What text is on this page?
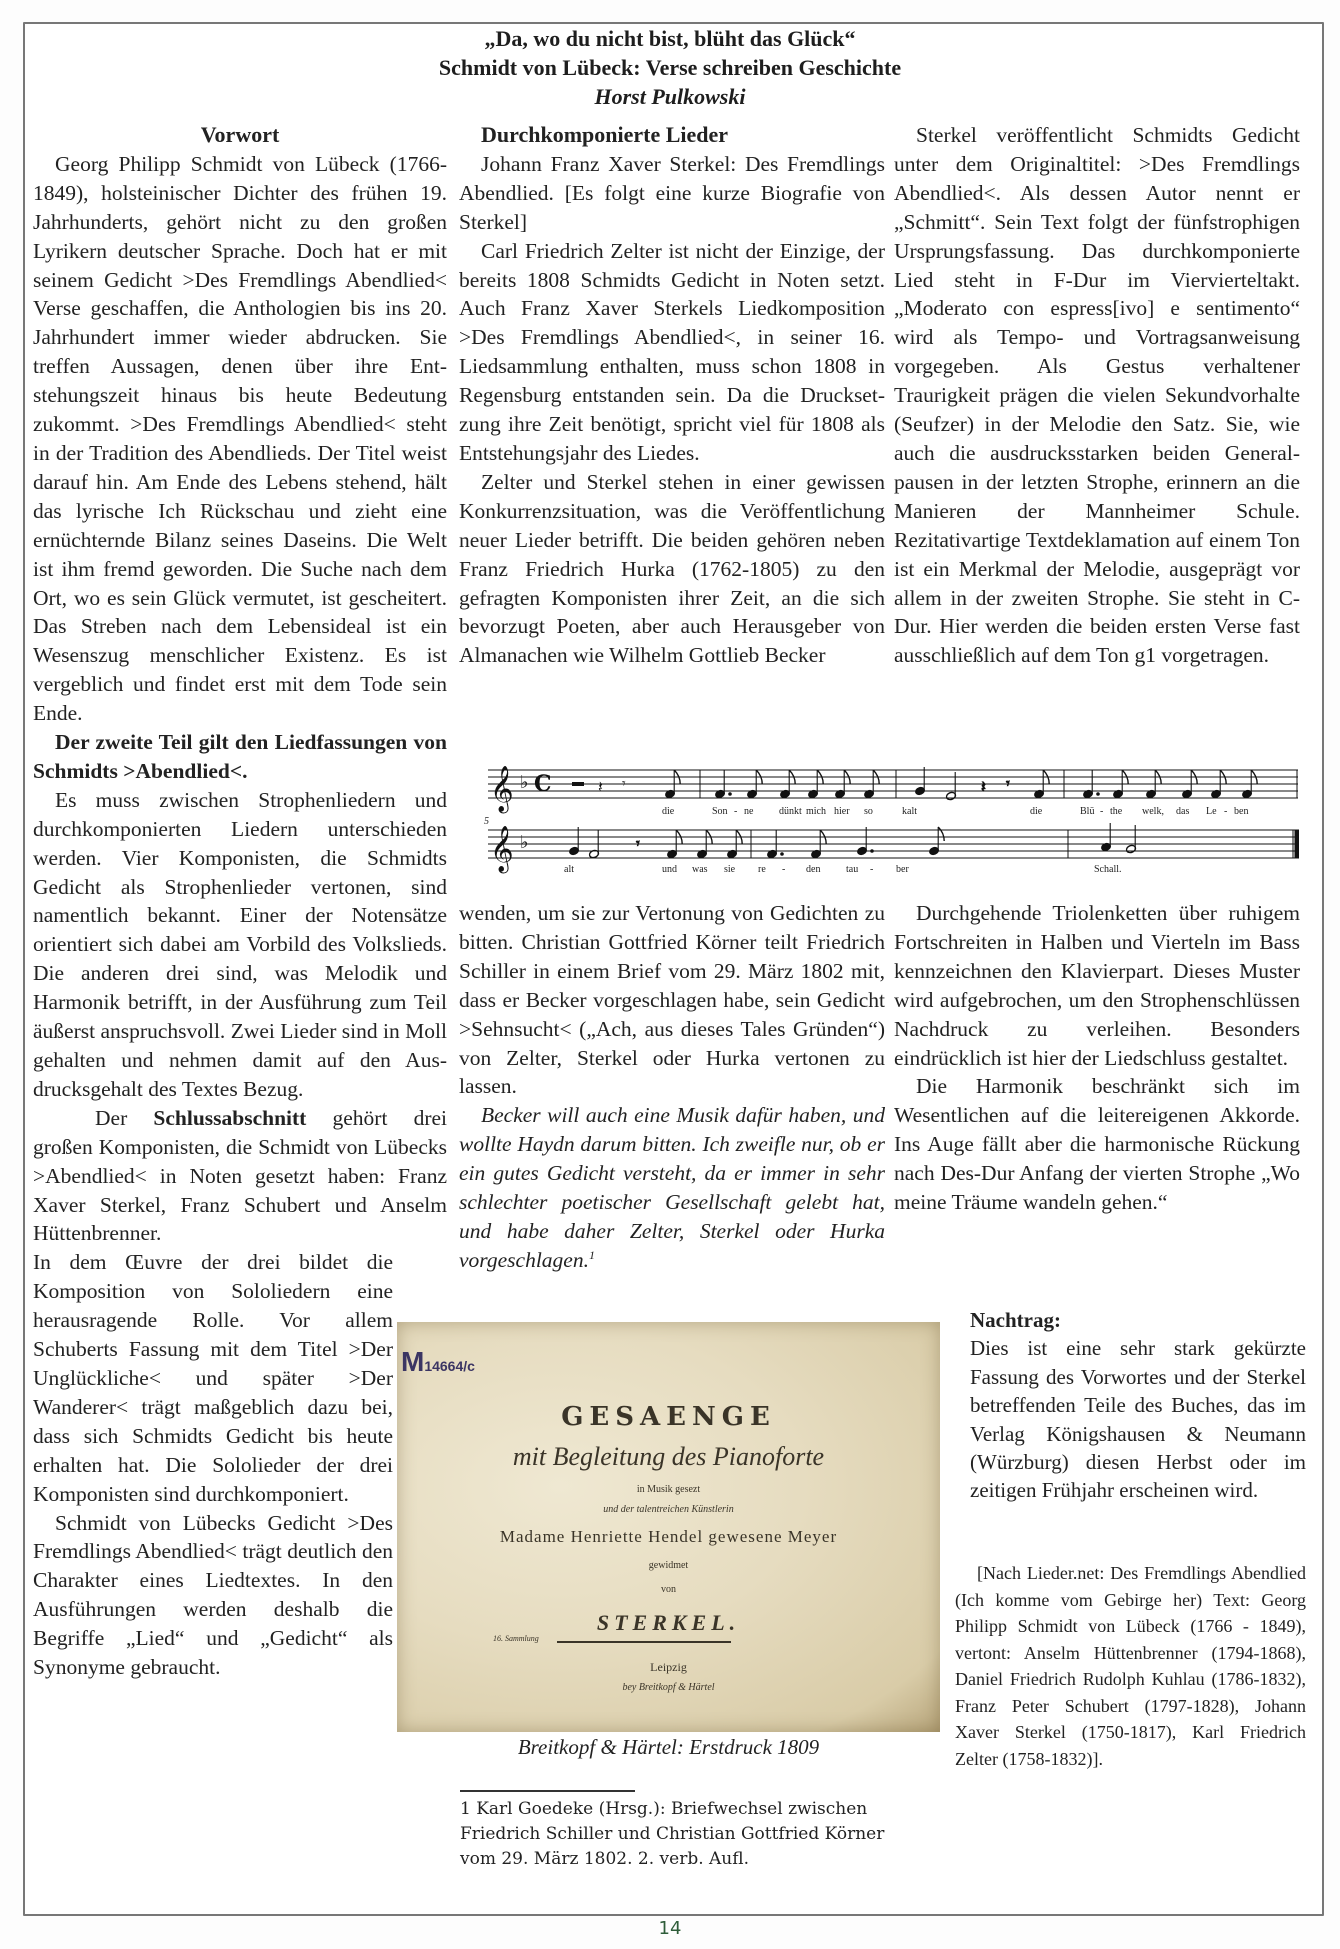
„Da, wo du nicht bist, blüht das Glück“
Schmidt von Lübeck: Verse schreiben Geschichte
Horst Pulkowski
Vorwort

Georg Philipp Schmidt von Lübeck (1766-1849), holsteinischer Dichter des frühen 19. Jahrhunderts, gehört nicht zu den großen Lyrikern deutscher Sprache. Doch hat er mit seinem Gedicht >Des Fremdlings Abendlied< Verse geschaffen, die Anthologien bis ins 20. Jahrhundert immer wieder abdrucken. Sie treffen Aussagen, denen über ihre Entstehungszeit hinaus bis heute Bedeutung zukommt. >Des Fremdlings Abendlied< steht in der Tradition des Abendlieds. Der Titel weist darauf hin. Am Ende des Lebens stehend, hält das lyrische Ich Rückschau und zieht eine ernüchternde Bilanz seines Daseins. Die Welt ist ihm fremd geworden. Die Suche nach dem Ort, wo es sein Glück vermutet, ist gescheitert. Das Streben nach dem Lebensideal ist ein Wesenszug menschlicher Existenz. Es ist vergeblich und findet erst mit dem Tode sein Ende.

Der zweite Teil gilt den Liedfassungen von Schmidts >Abendlied<.

Es muss zwischen Strophenliedern und durchkomponierten Liedern unterschieden werden. Vier Komponisten, die Schmidts Gedicht als Strophenlieder vertonen, sind namentlich bekannt. Einer der Notensätze orientiert sich dabei am Vorbild des Volkslieds. Die anderen drei sind, was Melodik und Harmonik betrifft, in der Ausführung zum Teil äußerst anspruchsvoll. Zwei Lieder sind in Moll gehalten und nehmen damit auf den Ausdrucksgehalt des Textes Bezug.

Der Schlussabschnitt gehört drei großen Komponisten, die Schmidt von Lübecks >Abendlied< in Noten gesetzt haben: Franz Xaver Sterkel, Franz Schubert und Anselm Hüttenbrenner.

In dem Œuvre der drei bildet die Komposition von Sololiedern eine herausragende Rolle. Vor allem Schuberts Fassung mit dem Titel >Der Unglückliche< und später >Der Wanderer< trägt maßgeblich dazu bei, dass sich Schmidts Gedicht bis heute erhalten hat. Die Sololieder der drei Komponisten sind durchkomponiert.

Schmidt von Lübecks Gedicht >Des Fremdlings Abendlied< trägt deutlich den Charakter eines Liedtextes. In den Ausführungen werden deshalb die Begriffe „Lied“ und „Gedicht“ als Synonyme gebraucht.

Durchkomponierte Lieder

Johann Franz Xaver Sterkel: Des Fremdlings Abendlied. [Es folgt eine kurze Biografie von Sterkel]

Carl Friedrich Zelter ist nicht der Einzige, der bereits 1808 Schmidts Gedicht in Noten setzt. Auch Franz Xaver Sterkels Liedkomposition >Des Fremdlings Abendlied<, in seiner 16. Liedsammlung enthalten, muss schon 1808 in Regensburg entstanden sein. Da die Drucksetzung ihre Zeit benötigt, spricht viel für 1808 als Entstehungsjahr des Liedes.

Zelter und Sterkel stehen in einer gewissen Konkurrenzsituation, was die Veröffentlichung neuer Lieder betrifft. Die beiden gehören neben Franz Friedrich Hurka (1762-1805) zu den gefragten Komponisten ihrer Zeit, an die sich bevorzugt Poeten, aber auch Herausgeber von Almanachen wie Wilhelm Gottlieb Becker

Sterkel veröffentlicht Schmidts Gedicht unter dem Originaltitel: >Des Fremdlings Abendlied<. Als dessen Autor nennt er „Schmitt“. Sein Text folgt der fünfstrophigen Ursprungsfassung. Das durchkomponierte Lied steht in F-Dur im Viervierteltakt. „Moderato con espress[ivo] e sentimento“ wird als Tempo- und Vortragsanweisung vorgegeben. Als Gestus verhaltener Traurigkeit prägen die vielen Sekundvorhalte (Seufzer) in der Melodie den Satz. Sie, wie auch die ausdrucksstarken beiden Generalpausen in der letzten Strophe, erinnern an die Manieren der Mannheimer Schule. Rezitativartige Textdeklamation auf einem Ton ist ein Merkmal der Melodie, ausgeprägt vor allem in der zweiten Strophe. Sie steht in C-Dur. Hier werden die beiden ersten Verse fast ausschließlich auf dem Ton g1 vorgetragen.

𝄞
𝄞
♭
♭
C	𝄽 𝄾	𝄽 𝄾
𝄾
5
die	Son - ne	dünkt mich hier so	kalt	die	Blü - the welk, das Le - ben
alt	und was sie re - den	tau - ber	Schall.

wenden, um sie zur Vertonung von Gedichten zu bitten. Christian Gottfried Körner teilt Friedrich Schiller in einem Brief vom 29. März 1802 mit, dass er Becker vorgeschlagen habe, sein Gedicht >Sehnsucht< („Ach, aus dieses Tales Gründen“) von Zelter, Sterkel oder Hurka vertonen zu lassen.

Becker will auch eine Musik dafür haben, und wollte Haydn darum bitten. Ich zweifle nur, ob er ein gutes Gedicht versteht, da er immer in sehr schlechter poetischer Gesellschaft gelebt hat, und habe daher Zelter, Sterkel oder Hurka vorgeschlagen.$^1$

Durchgehende Triolenketten über ruhigem Fortschreiten in Halben und Vierteln im Bass kennzeichnen den Klavierpart. Dieses Muster wird aufgebrochen, um den Strophenschlüssen Nachdruck zu verleihen. Besonders eindrücklich ist hier der Liedschluss gestaltet.

Die Harmonik beschränkt sich im Wesentlichen auf die leitereigenen Akkorde. Ins Auge fällt aber die harmonische Rückung nach Des-Dur Anfang der vierten Strophe „Wo meine Träume wandeln gehen.“

M14664/c
GESAENGE
mit Begleitung des Pianoforte
in Musik gesezt
und der talentreichen Künstlerin
Madame Henriette Hendel gewesene Meyer
gewidmet
von
STERKEL.
16. Sammlung
Leipzig
bey Breitkopf & Härtel
Breitkopf & Härtel: Erstdruck 1809

1 Karl Goedeke (Hrsg.): Briefwechsel zwischen Friedrich Schiller und Christian Gottfried Körner vom 29. März 1802. 2. verb. Aufl.

Nachtrag:

Dies ist eine sehr stark gekürzte Fassung des Vorwortes und der Sterkel betreffenden Teile des Buches, das im Verlag Königshausen & Neumann (Würzburg) diesen Herbst oder im zeitigen Frühjahr erscheinen wird.

[Nach Lieder.net: Des Fremdlings Abendlied (Ich komme vom Gebirge her) Text: Georg Philipp Schmidt von Lübeck (1766 - 1849), vertont: Anselm Hüttenbrenner (1794-1868), Daniel Friedrich Rudolph Kuhlau (1786-1832), Franz Peter Schubert (1797-1828), Johann Xaver Sterkel (1750-1817), Karl Friedrich Zelter (1758-1832)].

14
